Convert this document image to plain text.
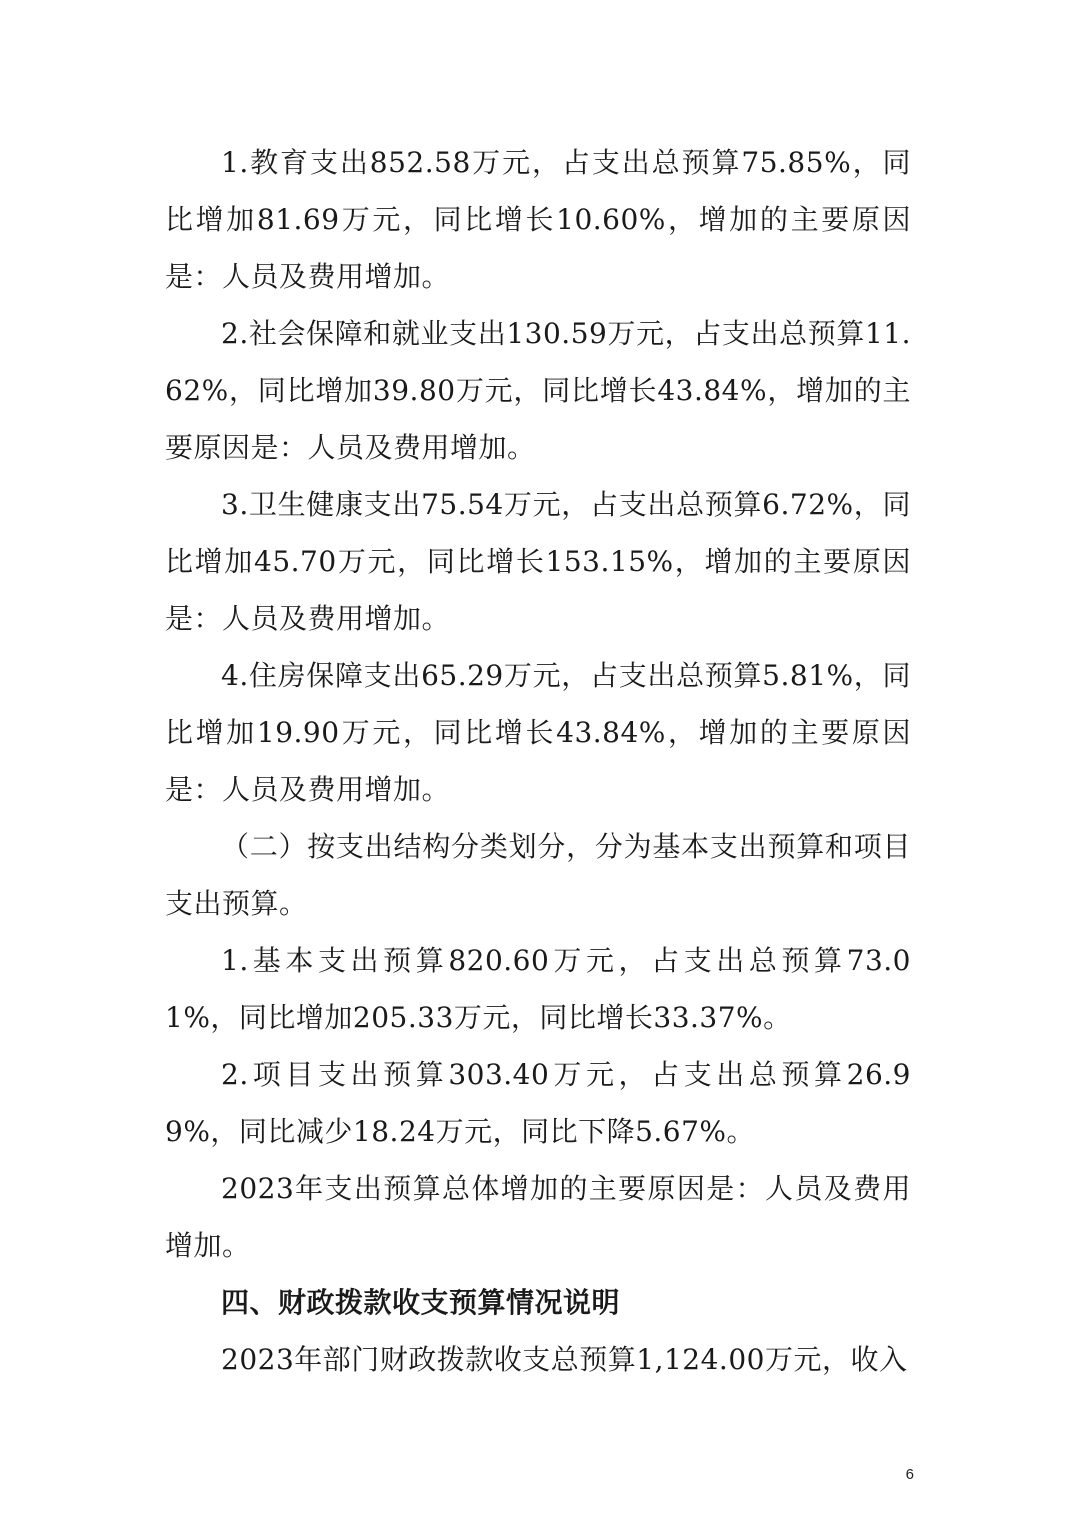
1.教育支出852.58万元，占支出总预算75.85%，同比增加81.69万元，同比增长10.60%，增加的主要原因是：人员及费用增加。

2.社会保障和就业支出130.59万元，占支出总预算11.62%，同比增加39.80万元，同比增长43.84%，增加的主要原因是：人员及费用增加。

3.卫生健康支出75.54万元，占支出总预算6.72%，同比增加45.70万元，同比增长153.15%，增加的主要原因是：人员及费用增加。

4.住房保障支出65.29万元，占支出总预算5.81%，同比增加19.90万元，同比增长43.84%，增加的主要原因是：人员及费用增加。

（二）按支出结构分类划分，分为基本支出预算和项目支出预算。

1.基本支出预算820.60万元，占支出总预算73.01%，同比增加205.33万元，同比增长33.37%。

2.项目支出预算303.40万元，占支出总预算26.99%，同比减少18.24万元，同比下降5.67%。

2023年支出预算总体增加的主要原因是：人员及费用增加。

四、财政拨款收支预算情况说明

2023年部门财政拨款收支总预算1,124.00万元，收入

6
